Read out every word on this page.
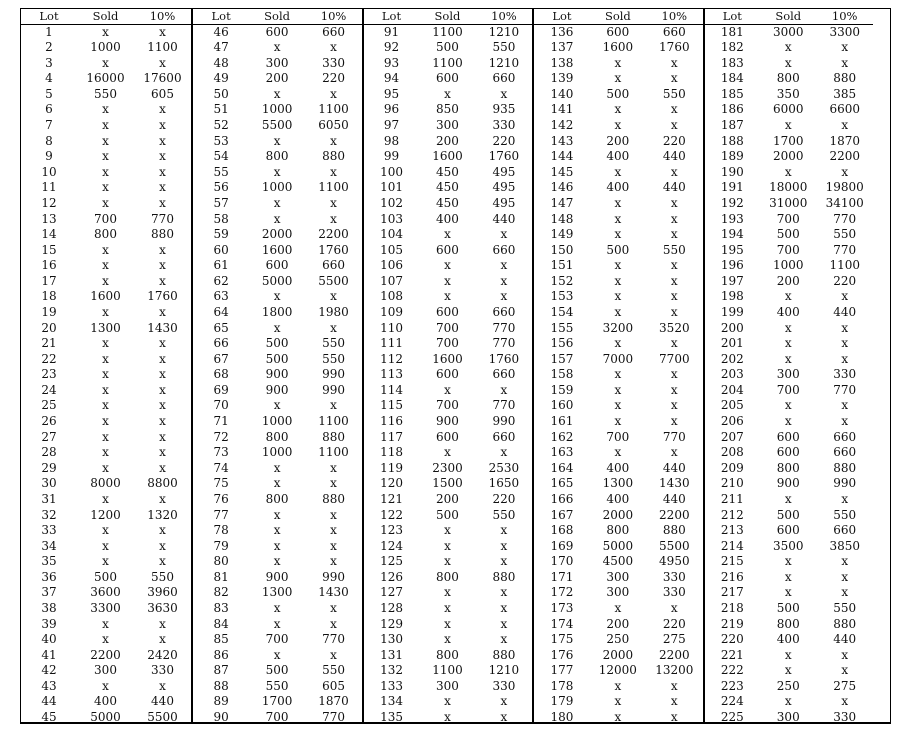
Lot	Sold	10%
1	x	x
2	1000	1100
3	x	x
4	16000	17600
5	550	605
6	x	x
7	x	x
8	x	x
9	x	x
10	x	x
11	x	x
12	x	x
13	700	770
14	800	880
15	x	x
16	x	x
17	x	x
18	1600	1760
19	x	x
20	1300	1430
21	x	x
22	x	x
23	x	x
24	x	x
25	x	x
26	x	x
27	x	x
28	x	x
29	x	x
30	8000	8800
31	x	x
32	1200	1320
33	x	x
34	x	x
35	x	x
36	500	550
37	3600	3960
38	3300	3630
39	x	x
40	x	x
41	2200	2420
42	300	330
43	x	x
44	400	440
45	5000	5500
Lot	Sold	10%
46	600	660
47	x	x
48	300	330
49	200	220
50	x	x
51	1000	1100
52	5500	6050
53	x	x
54	800	880
55	x	x
56	1000	1100
57	x	x
58	x	x
59	2000	2200
60	1600	1760
61	600	660
62	5000	5500
63	x	x
64	1800	1980
65	x	x
66	500	550
67	500	550
68	900	990
69	900	990
70	x	x
71	1000	1100
72	800	880
73	1000	1100
74	x	x
75	x	x
76	800	880
77	x	x
78	x	x
79	x	x
80	x	x
81	900	990
82	1300	1430
83	x	x
84	x	x
85	700	770
86	x	x
87	500	550
88	550	605
89	1700	1870
90	700	770
Lot	Sold	10%
91	1100	1210
92	500	550
93	1100	1210
94	600	660
95	x	x
96	850	935
97	300	330
98	200	220
99	1600	1760
100	450	495
101	450	495
102	450	495
103	400	440
104	x	x
105	600	660
106	x	x
107	x	x
108	x	x
109	600	660
110	700	770
111	700	770
112	1600	1760
113	600	660
114	x	x
115	700	770
116	900	990
117	600	660
118	x	x
119	2300	2530
120	1500	1650
121	200	220
122	500	550
123	x	x
124	x	x
125	x	x
126	800	880
127	x	x
128	x	x
129	x	x
130	x	x
131	800	880
132	1100	1210
133	300	330
134	x	x
135	x	x
Lot	Sold	10%
136	600	660
137	1600	1760
138	x	x
139	x	x
140	500	550
141	x	x
142	x	x
143	200	220
144	400	440
145	x	x
146	400	440
147	x	x
148	x	x
149	x	x
150	500	550
151	x	x
152	x	x
153	x	x
154	x	x
155	3200	3520
156	x	x
157	7000	7700
158	x	x
159	x	x
160	x	x
161	x	x
162	700	770
163	x	x
164	400	440
165	1300	1430
166	400	440
167	2000	2200
168	800	880
169	5000	5500
170	4500	4950
171	300	330
172	300	330
173	x	x
174	200	220
175	250	275
176	2000	2200
177	12000	13200
178	x	x
179	x	x
180	x	x
Lot	Sold	10%
181	3000	3300
182	x	x
183	x	x
184	800	880
185	350	385
186	6000	6600
187	x	x
188	1700	1870
189	2000	2200
190	x	x
191	18000	19800
192	31000	34100
193	700	770
194	500	550
195	700	770
196	1000	1100
197	200	220
198	x	x
199	400	440
200	x	x
201	x	x
202	x	x
203	300	330
204	700	770
205	x	x
206	x	x
207	600	660
208	600	660
209	800	880
210	900	990
211	x	x
212	500	550
213	600	660
214	3500	3850
215	x	x
216	x	x
217	x	x
218	500	550
219	800	880
220	400	440
221	x	x
222	x	x
223	250	275
224	x	x
225	300	330
